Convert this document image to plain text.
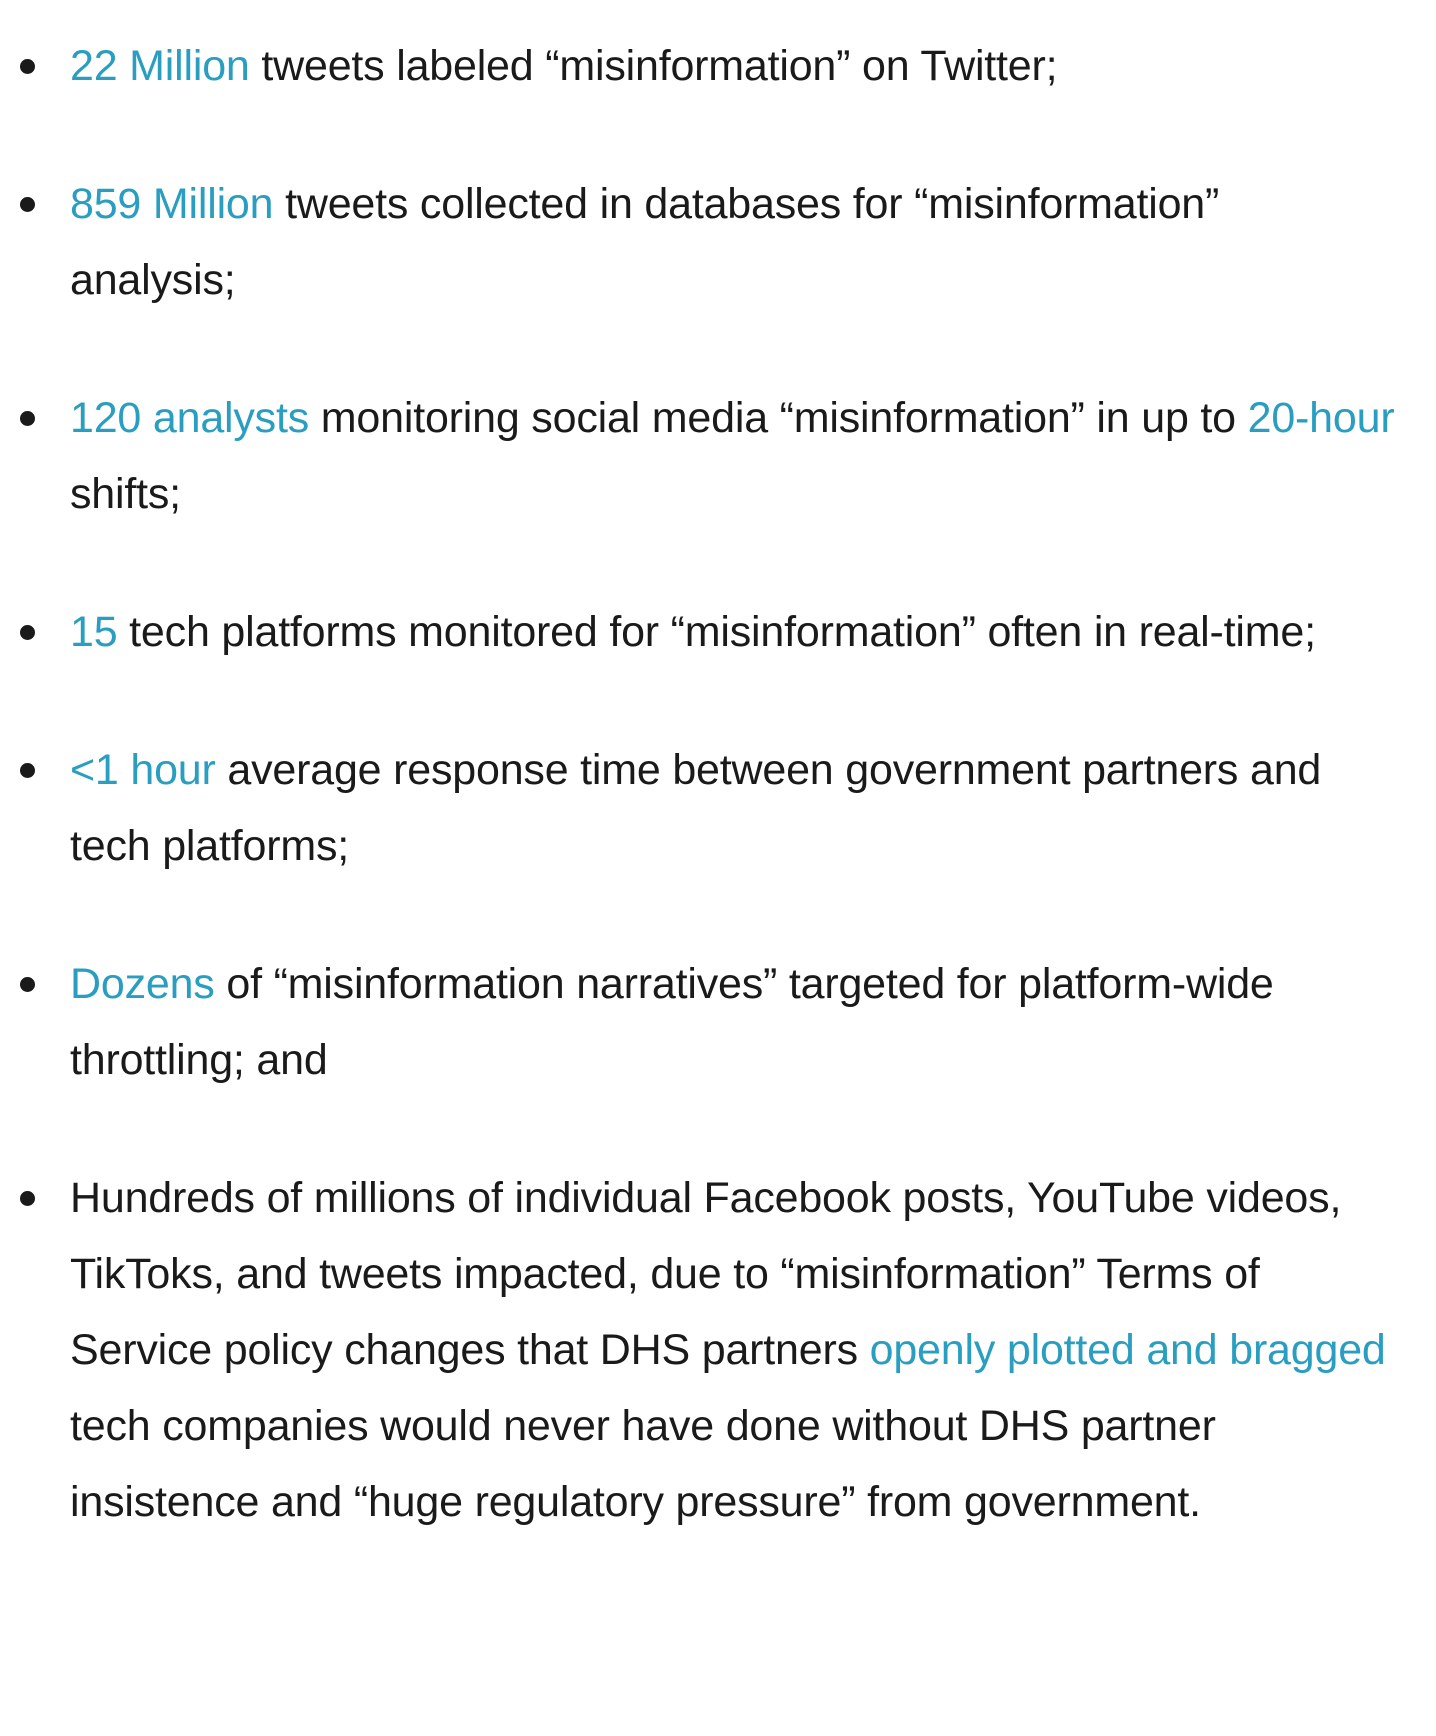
22 Million tweets labeled “misinformation” on Twitter;
859 Million tweets collected in databases for “misinformation” analysis;
120 analysts monitoring social media “misinformation” in up to 20-hour shifts;
15 tech platforms monitored for “misinformation” often in real-time;
<1 hour average response time between government partners and tech platforms;
Dozens of “misinformation narratives” targeted for platform-wide throttling; and
Hundreds of millions of individual Facebook posts, YouTube videos, TikToks, and tweets impacted, due to “misinformation” Terms of Service policy changes that DHS partners openly plotted and bragged tech companies would never have done without DHS partner insistence and “huge regulatory pressure” from government.
